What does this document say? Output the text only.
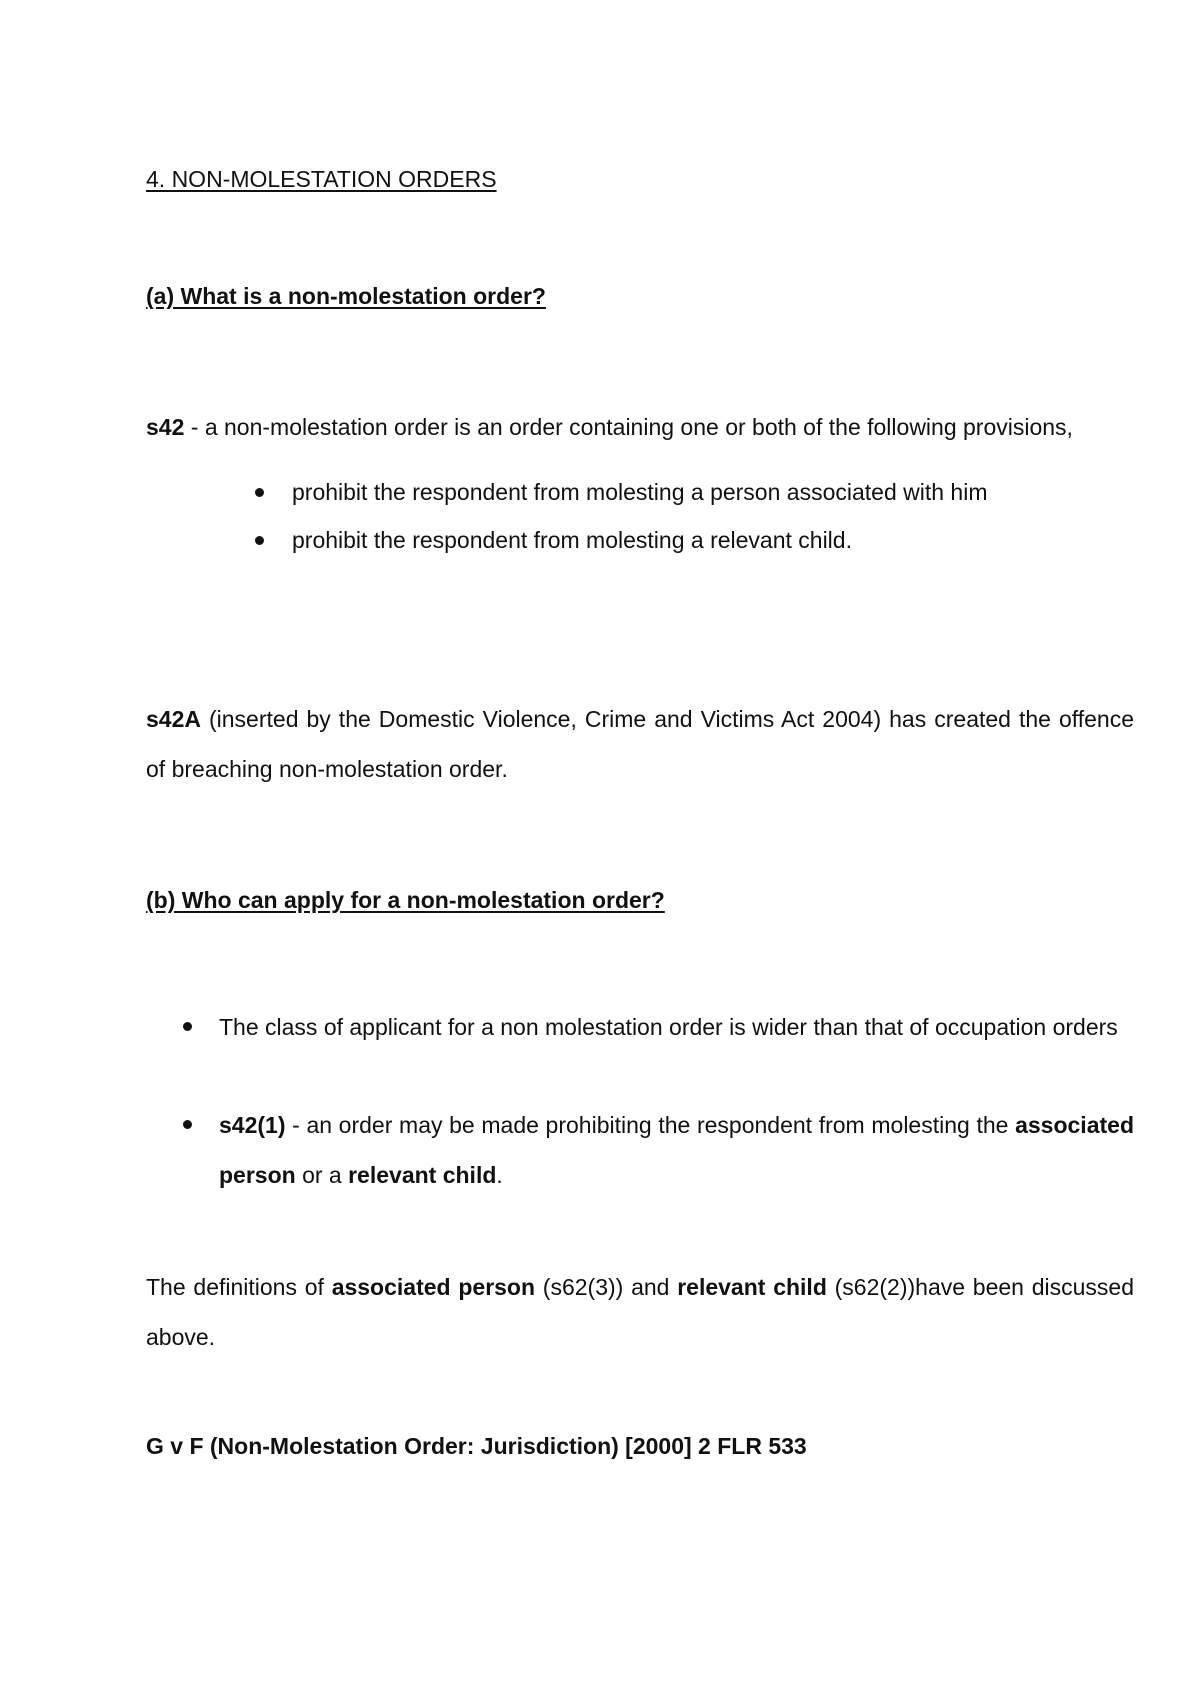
4. NON-MOLESTATION ORDERS

(a) What is a non-molestation order?

s42 - a non-molestation order is an order containing one or both of the following provisions,

prohibit the respondent from molesting a person associated with him

prohibit the respondent from molesting a relevant child.

s42A (inserted by the Domestic Violence, Crime and Victims Act 2004) has created the offence of breaching non-molestation order.

(b) Who can apply for a non-molestation order?

The class of applicant for a non molestation order is wider than that of occupation orders

s42(1) - an order may be made prohibiting the respondent from molesting the associated person or a relevant child.

The definitions of associated person (s62(3)) and relevant child (s62(2))have been discussed above.

G v F (Non-Molestation Order: Jurisdiction) [2000] 2 FLR 533
